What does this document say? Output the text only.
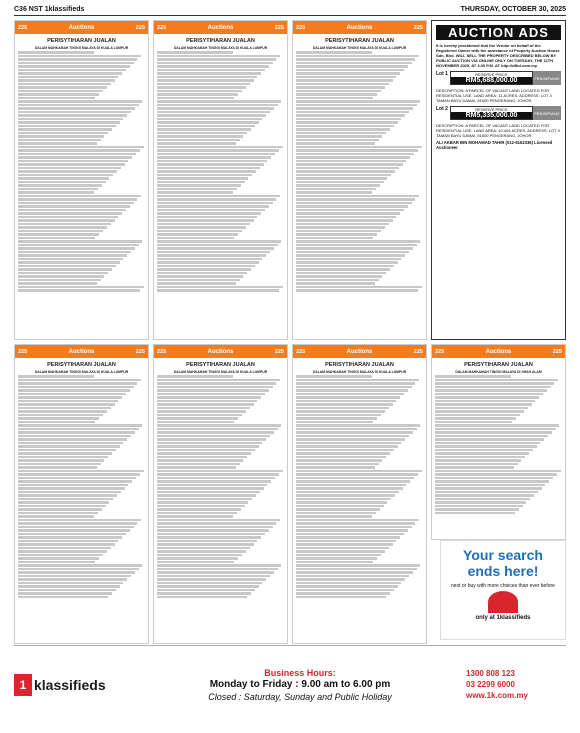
C36 NST 1klassifieds	THURSDAY, OCTOBER 30, 2025
225	Auctions	225
PERISYTIHARAN JUALAN
DALAM MAHKAMAH TINGGI MALAYA DI KUALA LUMPUR
225	Auctions	225
PERISYTIHARAN JUALAN
DALAM MAHKAMAH TINGGI MALAYA DI KUALA LUMPUR
225	Auctions	225
PERISYTIHARAN JUALAN
DALAM MAHKAMAH TINGGI MALAYA DI KUALA LUMPUR
AUCTION ADS
It is hereby proclaimed that the Vendor on behalf of the Registered Owner with the assistance of Property Auction House Sdn. Bhd. WILL SELL THE PROPERTY DESCRIBED BELOW BY PUBLIC AUCTION VIA ONLINE ONLY ON TUESDAY, THE 11TH NOVEMBER 2025, AT 3.00 P.M. AT http://eBid.com.my
Lot 1	RESERVE PRICE
RM5,688,000.00	PENGERANG
DESCRIPTION: A PARCEL OF VACANT LAND LOCATED FOR RESIDENTIAL USE. LAND AREA: 11 ACRES. ADDRESS: LOT 3 TAMAN BAYU DAMAI, 81600 PENGERANG, JOHOR.
Lot 2	RESERVE PRICE
RM5,335,000.00	PENGERANG
DESCRIPTION: A PARCEL OF VACANT LAND LOCATED FOR RESIDENTIAL USE. LAND AREA: 10.404 ACRES. ADDRESS: LOT 9 TAMAN BAYU DAMAI, 81600 PENGERANG, JOHOR.
ALI AKBAR BIN MOHAMAD TAHIR (012-6162336) Licensed Auctioneer
225	Auctions	225
PERISYTIHARAN JUALAN
DALAM MAHKAMAH TINGGI MALAYA DI KUALA LUMPUR
225	Auctions	225
PERISYTIHARAN JUALAN
DALAM MAHKAMAH TINGGI MALAYA DI KUALA LUMPUR
225	Auctions	225
PERISYTIHARAN JUALAN
DALAM MAHKAMAH TINGGI MALAYA DI KUALA LUMPUR
225	Auctions	225
PERISYTIHARAN JUALAN
DALAM MAHKAMAH TINGGI MALAYA DI SHAH ALAM
Your search
ends here!
nest or buy with more choices than ever before
only at 1klassifieds
1 klassifieds
Business Hours:
Monday to Friday : 9.00 am to 6.00 pm
Closed : Saturday, Sunday and Public Holiday
1300 808 123
03 2299 6000
www.1k.com.my
